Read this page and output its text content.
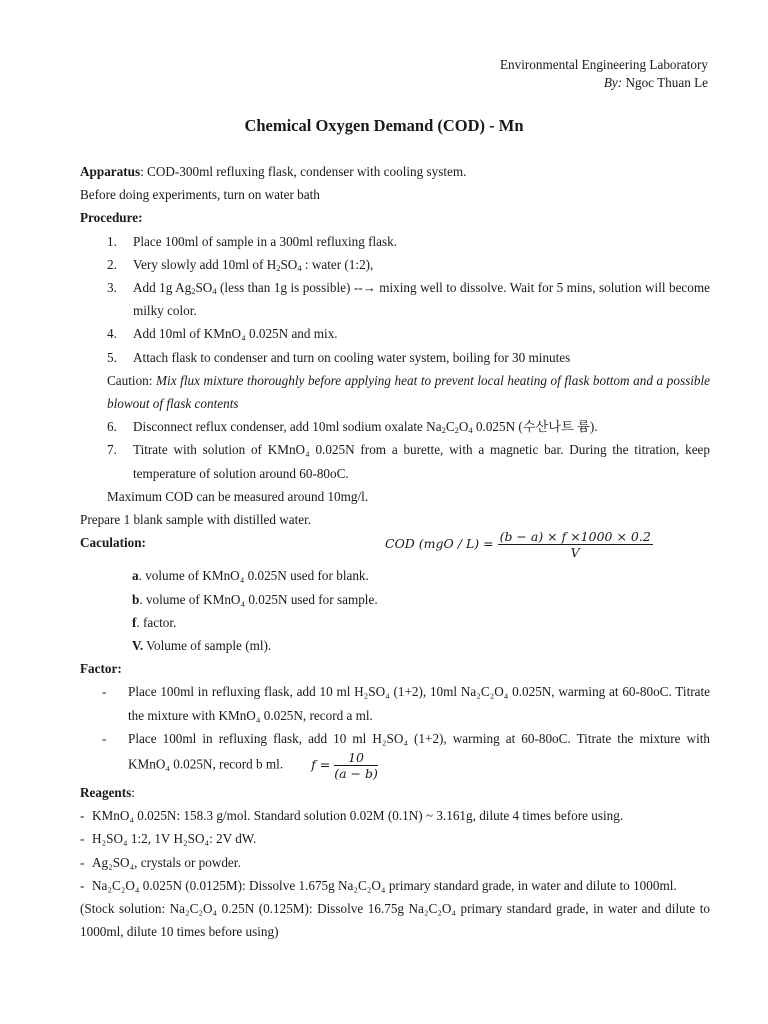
Environmental Engineering Laboratory
By: Ngoc Thuan Le
Chemical Oxygen Demand (COD) - Mn

Apparatus: COD-300ml refluxing flask, condenser with cooling system.

Before doing experiments, turn on water bath

Procedure:

1.	Place 100ml of sample in a 300ml refluxing flask.
2.	Very slowly add 10ml of $H_2SO_4$ : water (1:2),
3.	Add 1g $Ag_2SO_4$ (less than 1g is possible) --→ mixing well to dissolve. Wait for 5 mins, solution will become milky color.
4.	Add 10ml of KMnO₄ 0.025N and mix.
5.	Attach flask to condenser and turn on cooling water system, boiling for 30 minutes

Caution: Mix flux mixture thoroughly before applying heat to prevent local heating of flask bottom and a possible blowout of flask contents

6.	Disconnect reflux condenser, add 10ml sodium oxalate $Na_2C_2O_4$ 0.025N (수산나트 륨).
7.	Titrate with solution of KMnO₄ 0.025N from a burette, with a magnetic bar. During the titration, keep temperature of solution around 60-80oC.

Maximum COD can be measured around 10mg/l.

Prepare 1 blank sample with distilled water.

Caculation:	COD $(mgO / L) = \frac{(b - a) \times f \times 1000 \times 0.2}{V}$

a. volume of KMnO₄ 0.025N used for blank.

b. volume of KMnO₄ 0.025N used for sample.

f. factor.

V. Volume of sample (ml).

Factor:

-	Place 100ml in refluxing flask, add 10 ml H₂SO₄ (1+2), 10ml Na₂C₂O₄ 0.025N, warming at 60-80oC. Titrate the mixture with KMnO₄ 0.025N, record a ml.
-	Place 100ml in refluxing flask, add 10 ml H₂SO₄ (1+2), warming at 60-80oC. Titrate the mixture with KMnO₄ 0.025N, record b ml. $f = \frac{10}{(a - b)}$

Reagents:

- KMnO₄ 0.025N: 158.3 g/mol. Standard solution 0.02M (0.1N) ~ 3.161g, dilute 4 times before using.
- H₂SO₄ 1:2, 1V H₂SO₄: 2V dW.
- Ag₂SO₄, crystals or powder.
- Na₂C₂O₄ 0.025N (0.0125M): Dissolve 1.675g Na₂C₂O₄ primary standard grade, in water and dilute to 1000ml.

(Stock solution: Na₂C₂O₄ 0.25N (0.125M): Dissolve 16.75g Na₂C₂O₄ primary standard grade, in water and dilute to 1000ml, dilute 10 times before using)
